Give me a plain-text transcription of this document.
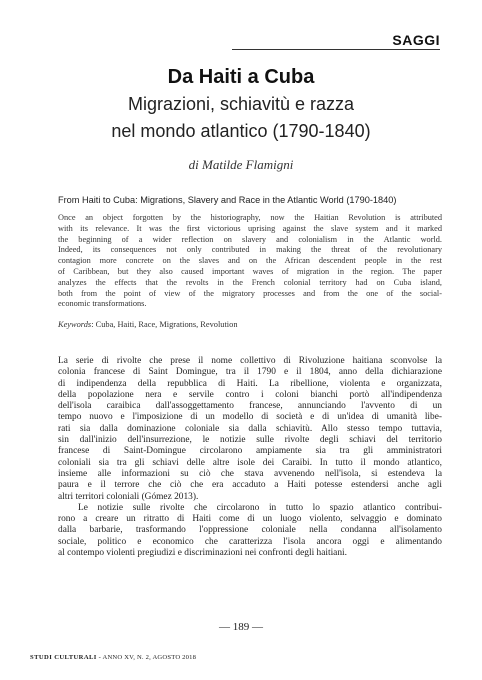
SAGGI
Da Haiti a Cuba
Migrazioni, schiavitù e razza
nel mondo atlantico (1790-1840)
di Matilde Flamigni
From Haiti to Cuba: Migrations, Slavery and Race in the Atlantic World (1790-1840)
Once an object forgotten by the historiography, now the Haitian Revolution is attributed
with its relevance. It was the first victorious uprising against the slave system and it marked
the beginning of a wider reflection on slavery and colonialism in the Atlantic world.
Indeed, its consequences not only contributed in making the threat of the revolutionary
contagion more concrete on the slaves and on the African descendent people in the rest
of Caribbean, but they also caused important waves of migration in the region. The paper
analyzes the effects that the revolts in the French colonial territory had on Cuba island,
both from the point of view of the migratory processes and from the one of the social-
economic transformations.
Keywords: Cuba, Haiti, Race, Migrations, Revolution
La serie di rivolte che prese il nome collettivo di Rivoluzione haitiana sconvolse la
colonia francese di Saint Domingue, tra il 1790 e il 1804, anno della dichiarazione
di indipendenza della repubblica di Haiti. La ribellione, violenta e organizzata,
della popolazione nera e servile contro i coloni bianchi portò all'indipendenza
dell'isola caraibica dall'assoggettamento francese, annunciando l'avvento di un
tempo nuovo e l'imposizione di un modello di società e di un'idea di umanità libe-
rati sia dalla dominazione coloniale sia dalla schiavitù. Allo stesso tempo tuttavia,
sin dall'inizio dell'insurrezione, le notizie sulle rivolte degli schiavi del territorio
francese di Saint-Domingue circolarono ampiamente sia tra gli amministratori
coloniali sia tra gli schiavi delle altre isole dei Caraibi. In tutto il mondo atlantico,
insieme alle informazioni su ciò che stava avvenendo nell'isola, si estendeva la
paura e il terrore che ciò che era accaduto a Haiti potesse estendersi anche agli
altri territori coloniali (Gómez 2013).
Le notizie sulle rivolte che circolarono in tutto lo spazio atlantico contribui-
rono a creare un ritratto di Haiti come di un luogo violento, selvaggio e dominato
dalla barbarie, trasformando l'oppressione coloniale nella condanna all'isolamento
sociale, politico e economico che caratterizza l'isola ancora oggi e alimentando
al contempo violenti pregiudizi e discriminazioni nei confronti degli haitiani.
— 189 —
STUDI CULTURALI - ANNO XV, N. 2, AGOSTO 2018
